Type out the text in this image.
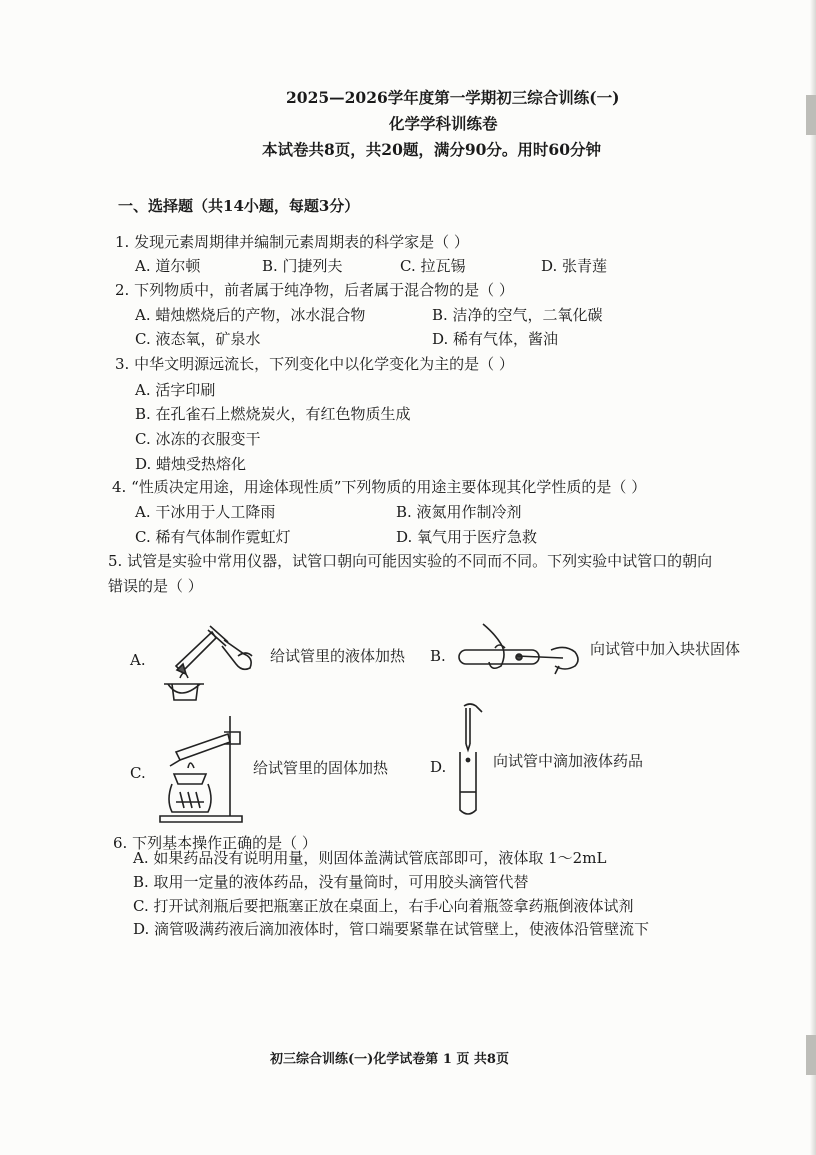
2025—2026学年度第一学期初三综合训练(一)
化学学科训练卷
本试卷共8页，共20题，满分90分。用时60分钟
一、选择题（共14小题，每题3分）
1. 发现元素周期律并编制元素周期表的科学家是（ ）
A. 道尔顿	B. 门捷列夫	C. 拉瓦锡	D. 张青莲
2. 下列物质中，前者属于纯净物，后者属于混合物的是（ ）
A. 蜡烛燃烧后的产物，冰水混合物	B. 洁净的空气，二氧化碳
C. 液态氧，矿泉水	D. 稀有气体，酱油
3. 中华文明源远流长，下列变化中以化学变化为主的是（ ）
A. 活字印刷
B. 在孔雀石上燃烧炭火，有红色物质生成
C. 冰冻的衣服变干
D. 蜡烛受热熔化
4. “性质决定用途，用途体现性质”下列物质的用途主要体现其化学性质的是（ ）
A. 干冰用于人工降雨	B. 液氮用作制冷剂
C. 稀有气体制作霓虹灯	D. 氧气用于医疗急救
5. 试管是实验中常用仪器，试管口朝向可能因实验的不同而不同。下列实验中试管口的朝向
错误的是（ ）
A.	给试管里的液体加热 B.	向试管中加入块状固体
C.	给试管里的固体加热	D.	向试管中滴加液体药品
6. 下列基本操作正确的是（ ）
A. 如果药品没有说明用量，则固体盖满试管底部即可，液体取 1～2mL
B. 取用一定量的液体药品，没有量筒时，可用胶头滴管代替
C. 打开试剂瓶后要把瓶塞正放在桌面上，右手心向着瓶签拿药瓶倒液体试剂
D. 滴管吸满药液后滴加液体时，管口端要紧靠在试管壁上，使液体沿管壁流下
初三综合训练(一)化学试卷第 1 页 共8页
